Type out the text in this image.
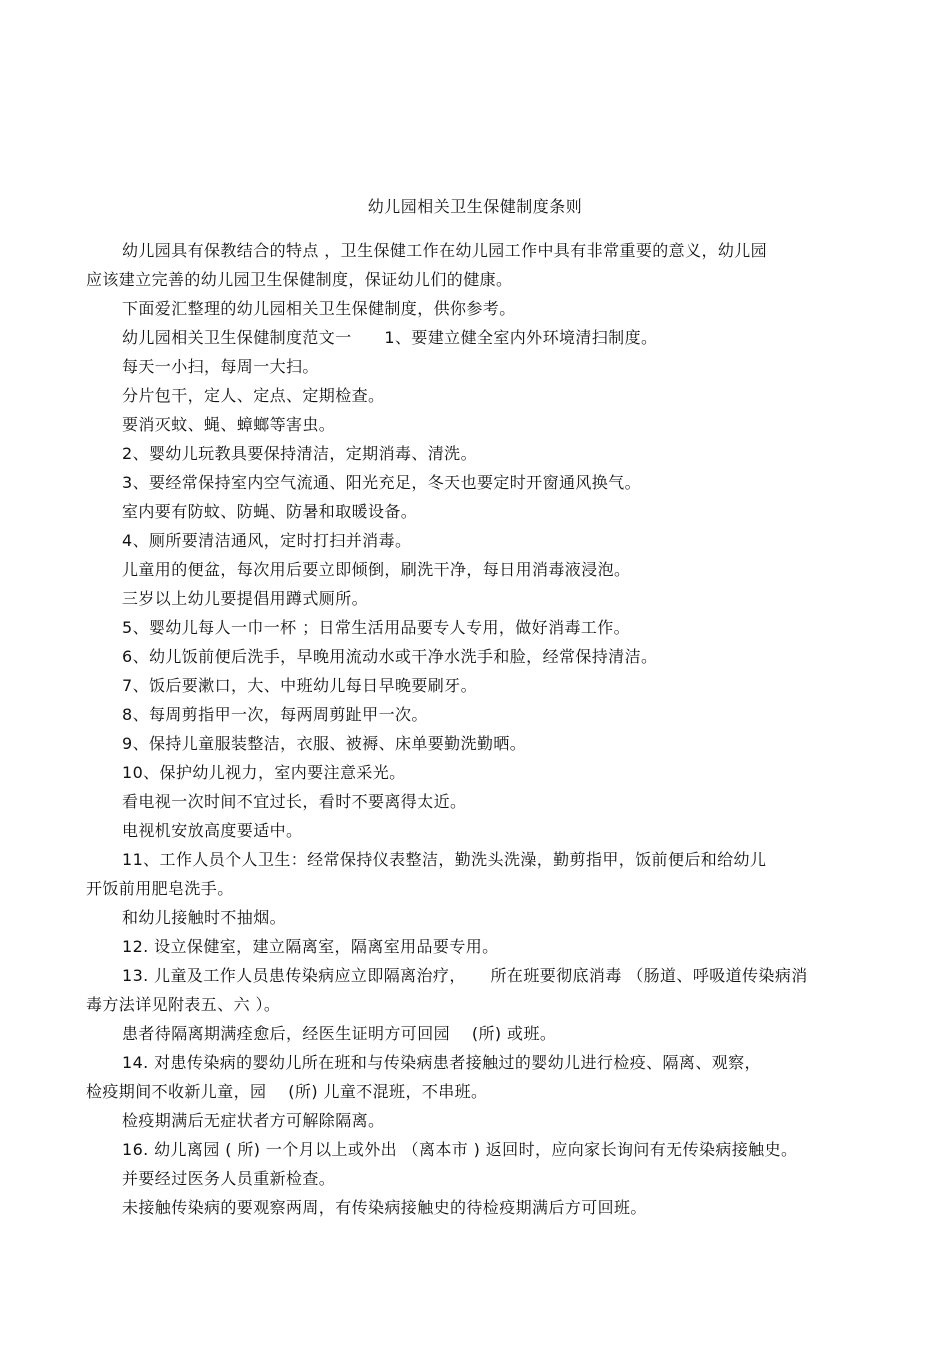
幼儿园相关卫生保健制度条则

幼儿园具有保教结合的特点 ，卫生保健工作在幼儿园工作中具有非常重要的意义，幼儿园
应该建立完善的幼儿园卫生保健制度，保证幼儿们的健康。

下面爱汇整理的幼儿园相关卫生保健制度，供你参考。

幼儿园相关卫生保健制度范文一　　1、要建立健全室内外环境清扫制度。

每天一小扫，每周一大扫。

分片包干，定人、定点、定期检查。

要消灭蚊、蝇、蟑螂等害虫。

2、婴幼儿玩教具要保持清洁，定期消毒、清洗。

3、要经常保持室内空气流通、阳光充足，冬天也要定时开窗通风换气。

室内要有防蚊、防蝇、防暑和取暖设备。

4、厕所要清洁通风，定时打扫并消毒。

儿童用的便盆，每次用后要立即倾倒，刷洗干净，每日用消毒液浸泡。

三岁以上幼儿要提倡用蹲式厕所。

5、婴幼儿每人一巾一杯 ；日常生活用品要专人专用，做好消毒工作。

6、幼儿饭前便后洗手，早晚用流动水或干净水洗手和脸，经常保持清洁。

7、饭后要漱口，大、中班幼儿每日早晚要刷牙。

8、每周剪指甲一次，每两周剪趾甲一次。

9、保持儿童服装整洁，衣服、被褥、床单要勤洗勤晒。

10、保护幼儿视力，室内要注意采光。

看电视一次时间不宜过长，看时不要离得太近。

电视机安放高度要适中。

11、工作人员个人卫生：经常保持仪表整洁，勤洗头洗澡，勤剪指甲，饭前便后和给幼儿
开饭前用肥皂洗手。

和幼儿接触时不抽烟。

12. 设立保健室，建立隔离室，隔离室用品要专用。

13. 儿童及工作人员患传染病应立即隔离治疗，　　所在班要彻底消毒 （肠道、呼吸道传染病消
毒方法详见附表五、六 ）。

患者待隔离期满痊愈后，经医生证明方可回园 　(所) 或班。

14. 对患传染病的婴幼儿所在班和与传染病患者接触过的婴幼儿进行检疫、隔离、观察，
检疫期间不收新儿童，园 　(所) 儿童不混班，不串班。

检疫期满后无症状者方可解除隔离。

16. 幼儿离园 ( 所) 一个月以上或外出 （离本市 ) 返回时，应向家长询问有无传染病接触史。

并要经过医务人员重新检查。

未接触传染病的要观察两周，有传染病接触史的待检疫期满后方可回班。
